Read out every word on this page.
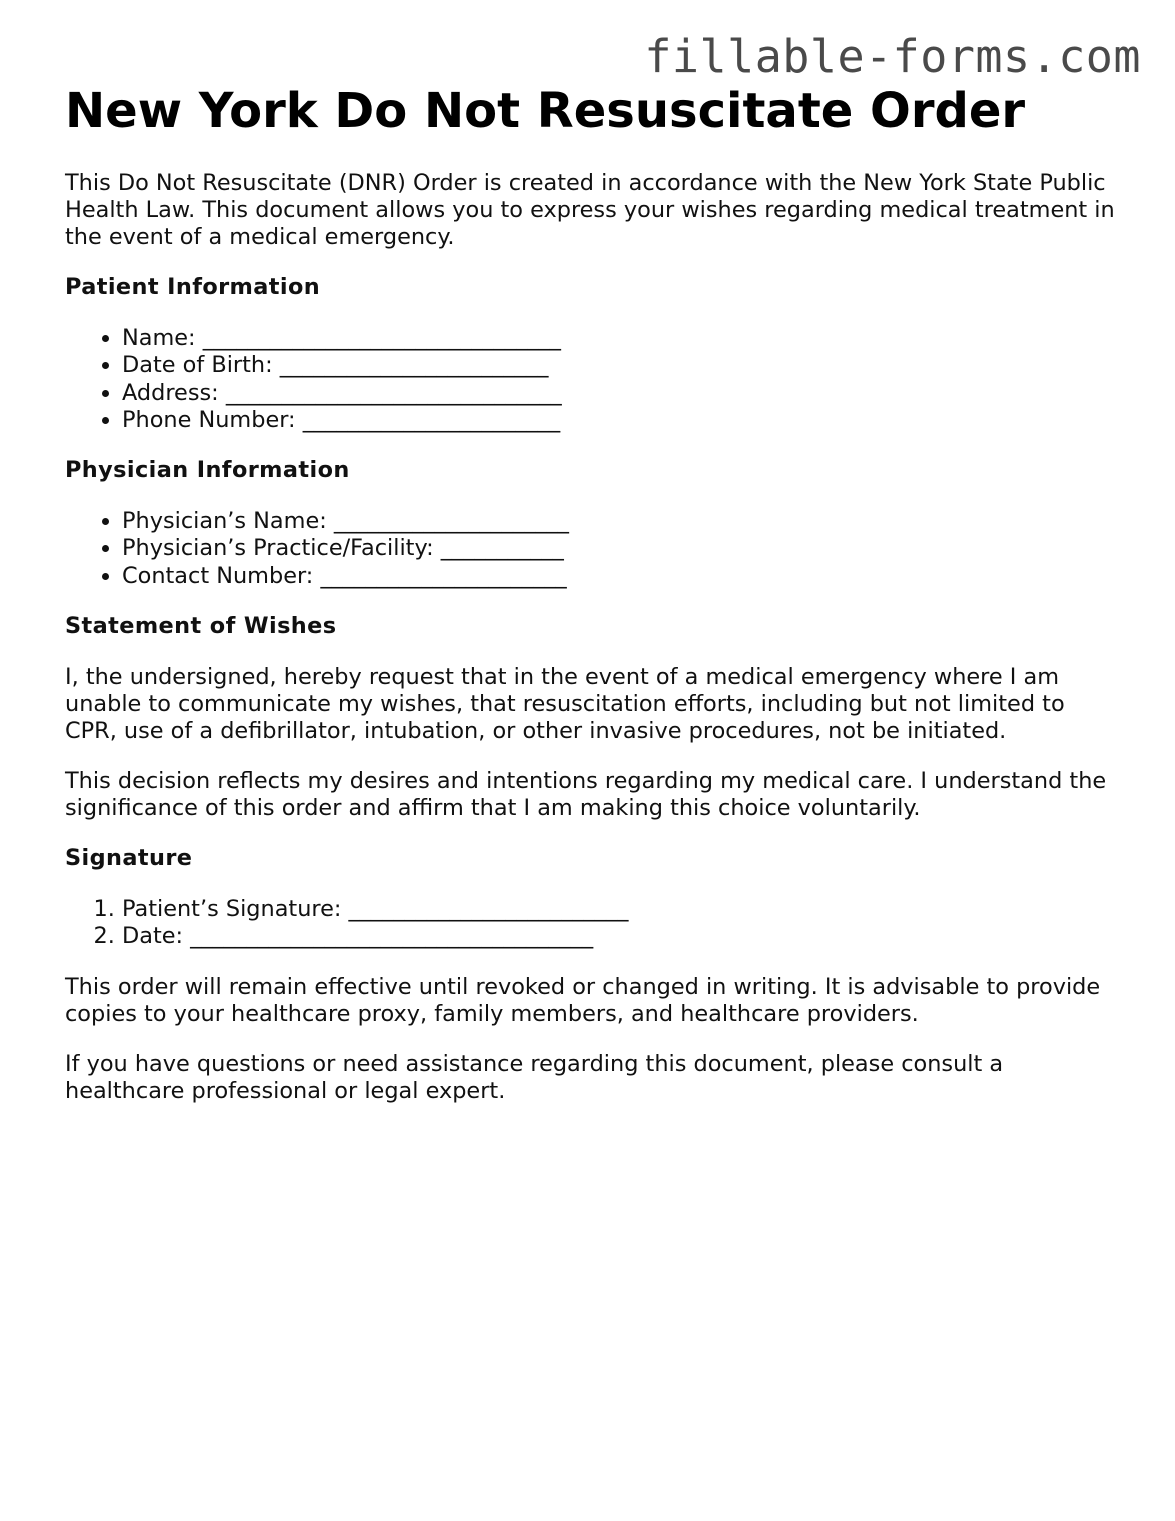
fillable-forms.com
New York Do Not Resuscitate Order

This Do Not Resuscitate (DNR) Order is created in accordance with the New York State Public Health Law. This document allows you to express your wishes regarding medical treatment in the event of a medical emergency.

Patient Information
• Name: ________________________________
• Date of Birth: ________________________
• Address: ______________________________
• Phone Number: _______________________
Physician Information
• Physician’s Name: _____________________
• Physician’s Practice/Facility: ___________
• Contact Number: ______________________
Statement of Wishes

I, the undersigned, hereby request that in the event of a medical emergency where I am unable to communicate my wishes, that resuscitation efforts, including but not limited to CPR, use of a defibrillator, intubation, or other invasive procedures, not be initiated.

This decision reflects my desires and intentions regarding my medical care. I understand the significance of this order and affirm that I am making this choice voluntarily.

Signature
1. Patient’s Signature: _________________________
2. Date: ____________________________________

This order will remain effective until revoked or changed in writing. It is advisable to provide copies to your healthcare proxy, family members, and healthcare providers.

If you have questions or need assistance regarding this document, please consult a healthcare professional or legal expert.
